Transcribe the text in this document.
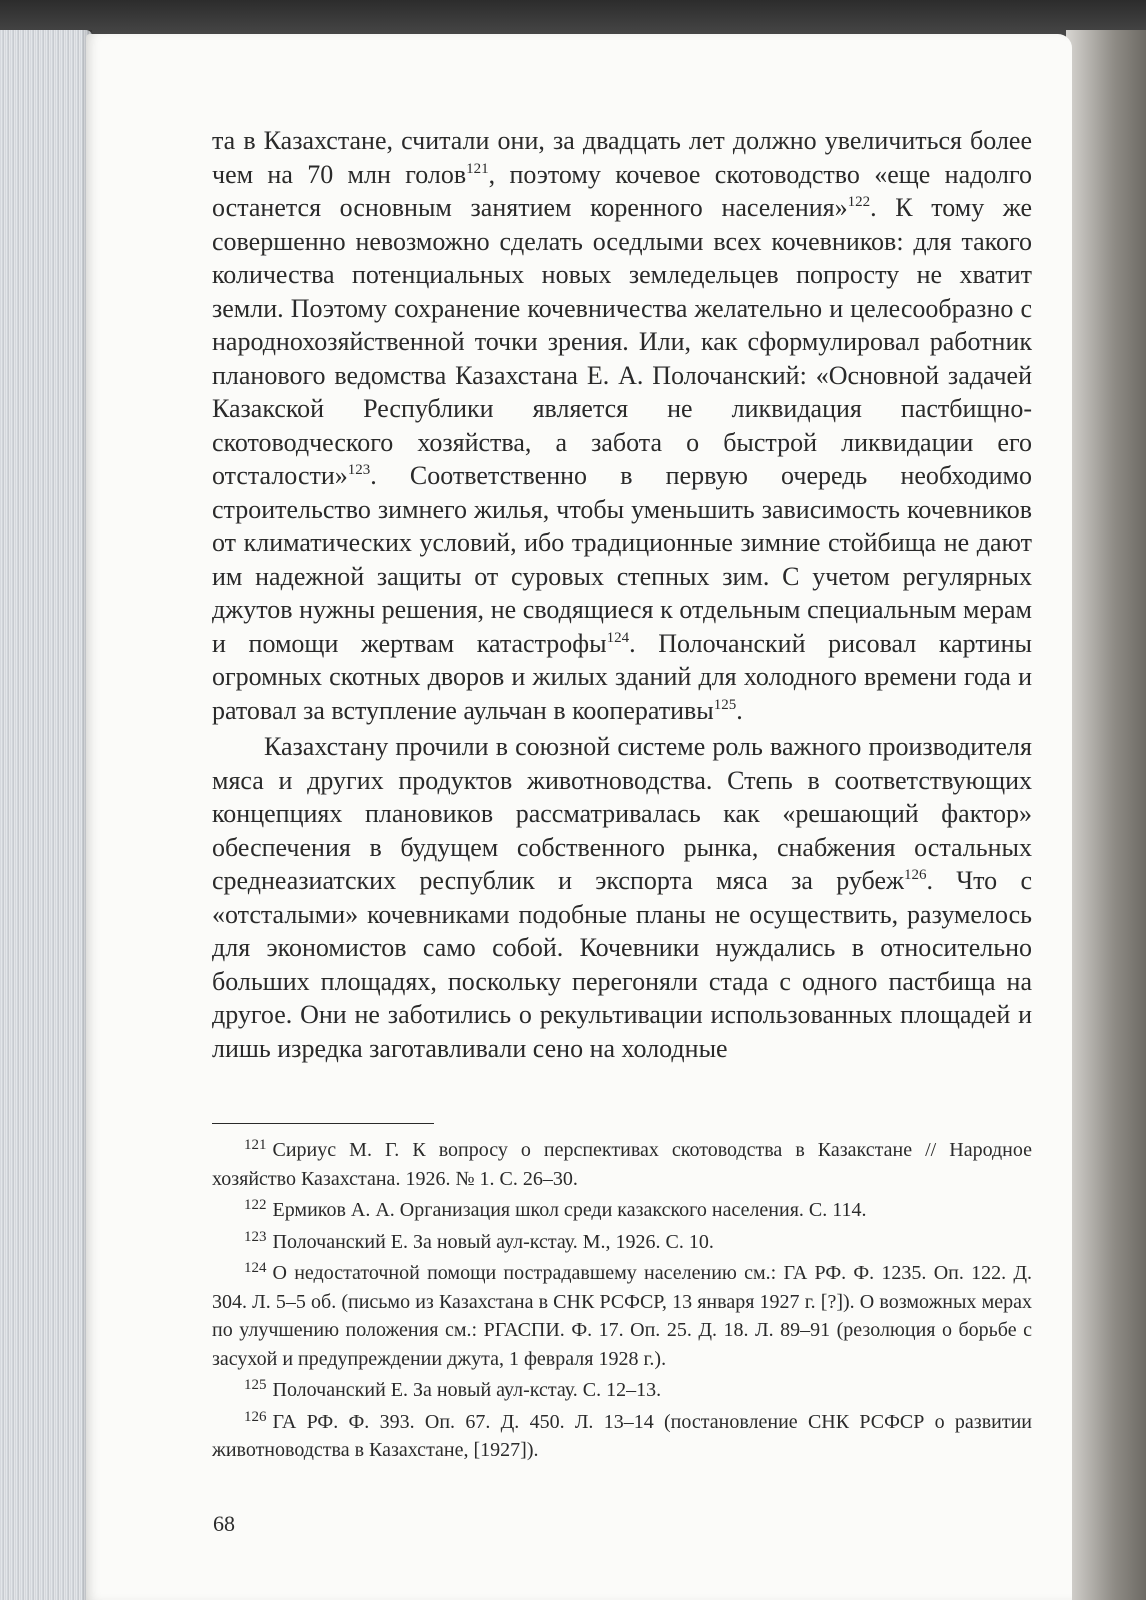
та в Казахстане, считали они, за двадцать лет должно увеличиться более чем на 70 млн голов$^{121}$, поэтому кочевое скотоводство «еще надолго останется основным занятием коренного населения»$^{122}$. К тому же совершенно невозможно сделать оседлыми всех кочевников: для такого количества потенциальных новых земледельцев попросту не хватит земли. Поэтому сохранение кочевничества желательно и целесообразно с народнохозяйственной точки зрения. Или, как сформулировал работник планового ведомства Казахстана Е. А. Полочанский: «Основной задачей Казакской Республики является не ликвидация пастбищно-скотоводческого хозяйства, а забота о быстрой ликвидации его отсталости»$^{123}$. Соответственно в первую очередь необходимо строительство зимнего жилья, чтобы уменьшить зависимость кочевников от климатических условий, ибо традиционные зимние стойбища не дают им надежной защиты от суровых степных зим. С учетом регулярных джутов нужны решения, не сводящиеся к отдельным специальным мерам и помощи жертвам катастрофы$^{124}$. Полочанский рисовал картины огромных скотных дворов и жилых зданий для холодного времени года и ратовал за вступление аульчан в кооперативы$^{125}$.

Казахстану прочили в союзной системе роль важного производителя мяса и других продуктов животноводства. Степь в соответствующих концепциях плановиков рассматривалась как «решающий фактор» обеспечения в будущем собственного рынка, снабжения остальных среднеазиатских республик и экспорта мяса за рубеж$^{126}$. Что с «отсталыми» кочевниками подобные планы не осуществить, разумелось для экономистов само собой. Кочевники нуждались в относительно больших площадях, поскольку перегоняли стада с одного пастбища на другое. Они не заботились о рекультивации использованных площадей и лишь изредка заготавливали сено на холодные

$^{121}$ Сириус М. Г. К вопросу о перспективах скотоводства в Казакстане // Народное хозяйство Казахстана. 1926. № 1. С. 26–30.

$^{122}$ Ермиков А. А. Организация школ среди казакского населения. С. 114.

$^{123}$ Полочанский Е. За новый аул-кстау. М., 1926. С. 10.

$^{124}$ О недостаточной помощи пострадавшему населению см.: ГА РФ. Ф. 1235. Оп. 122. Д. 304. Л. 5–5 об. (письмо из Казахстана в СНК РСФСР, 13 января 1927 г. [?]). О возможных мерах по улучшению положения см.: РГАСПИ. Ф. 17. Оп. 25. Д. 18. Л. 89–91 (резолюция о борьбе с засухой и предупреждении джута, 1 февраля 1928 г.).

$^{125}$ Полочанский Е. За новый аул-кстау. С. 12–13.

$^{126}$ ГА РФ. Ф. 393. Оп. 67. Д. 450. Л. 13–14 (постановление СНК РСФСР о развитии животноводства в Казахстане, [1927]).

68
